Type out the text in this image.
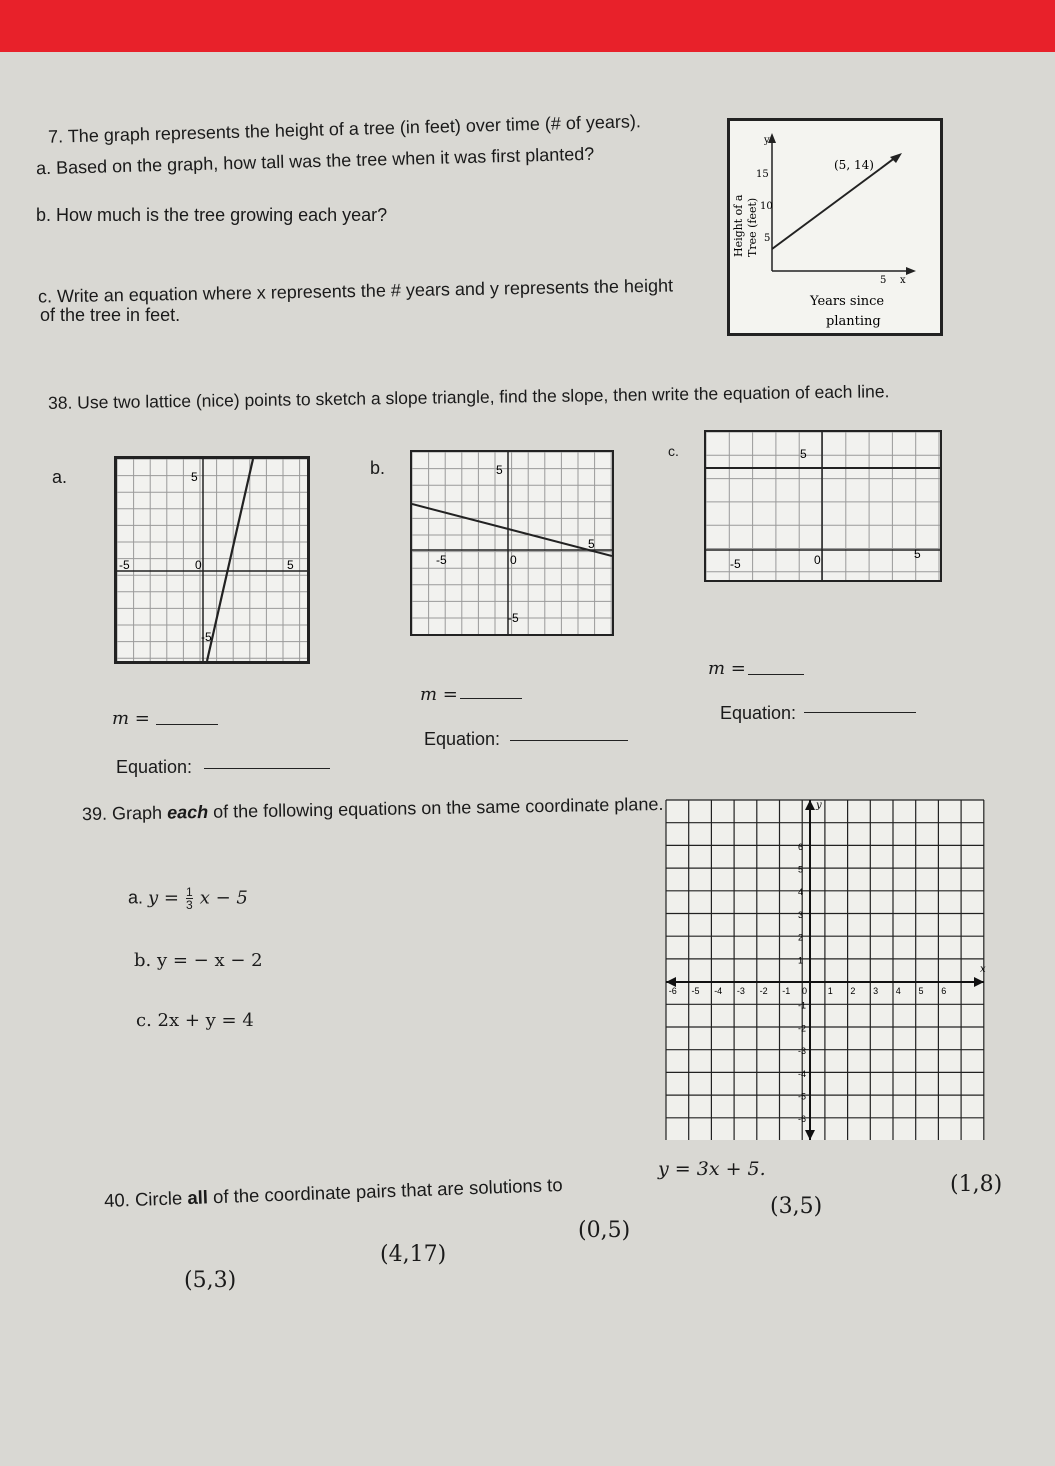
7. The graph represents the height of a tree (in feet) over time (# of years).
a. Based on the graph, how tall was the tree when it was first planted?
b. How much is the tree growing each year?
c. Write an equation where x represents the # years and y represents the height
of the tree in feet.
y
x
5
15
10
5
(5, 14)
Years since
planting
Height of a Tree (feet)
38. Use two lattice (nice) points to sketch a slope triangle, find the slope, then write the equation of each line.
a.	b.
c.
5
-5	0	5
-5
5
-5	0
5
-5
5
-5	0	5
m =
m =
m =	Equation:
Equation:
Equation:
39. Graph each of the following equations on the same coordinate plane.
a. $y = \frac{1}{3}$ x − 5
b. y = − x − 2
c. 2x + y = 4
y
x
0
-6 -5 -4 -3 -2 -1	1 2 3 4 5 6
6
5
4
3
2
1
-1
-2
-3
-4
-5
-6
40. Circle all of the coordinate pairs that are solutions to
y = 3x + 5.
(1,8)
(3,5)
(0,5)
(4,17)
(5,3)
